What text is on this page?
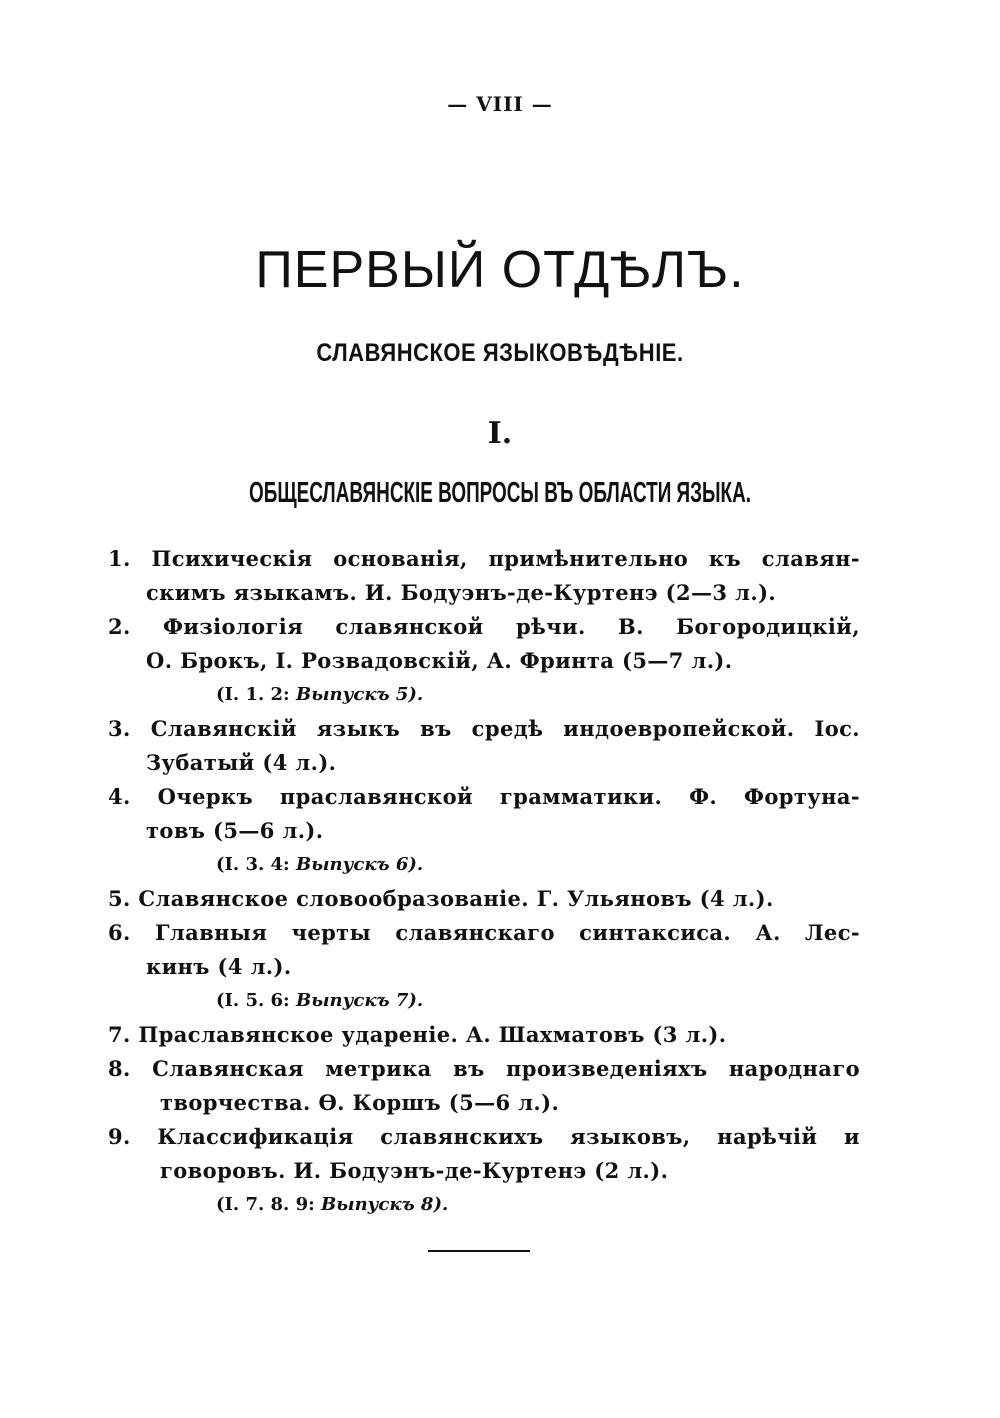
— VIII —
ПЕРВЫЙ ОТДѢЛЪ.
СЛАВЯНСКОЕ ЯЗЫКОВѢДѢНІЕ.
I.
ОБЩЕСЛАВЯНСКІЕ ВОПРОСЫ ВЪ ОБЛАСТИ ЯЗЫКА.
1. Психическія основанія, примѣнительно къ славян-
скимъ языкамъ. И. Бодуэнъ-де-Куртенэ (2—3 л.).
2. Физіологія славянской рѣчи. В. Богородицкій,
О. Брокъ, І. Розвадовскій, А. Фринта (5—7 л.).
(I. 1. 2: Выпускъ 5).
3. Славянскій языкъ въ средѣ индоевропейской. Іос.
Зубатый (4 л.).
4. Очеркъ праславянской грамматики. Ф. Фортуна-
товъ (5—6 л.).
(I. 3. 4: Выпускъ 6).
5. Славянское словообразованіе. Г. Ульяновъ (4 л.).
6. Главныя черты славянскаго синтаксиса. А. Лес-
кинъ (4 л.).
(I. 5. 6: Выпускъ 7).
7. Праславянское удареніе. А. Шахматовъ (3 л.).
8. Славянская метрика въ произведеніяхъ народнаго
творчества. Ѳ. Коршъ (5—6 л.).
9. Классификація славянскихъ языковъ, нарѣчій и
говоровъ. И. Бодуэнъ-де-Куртенэ (2 л.).
(I. 7. 8. 9: Выпускъ 8).
